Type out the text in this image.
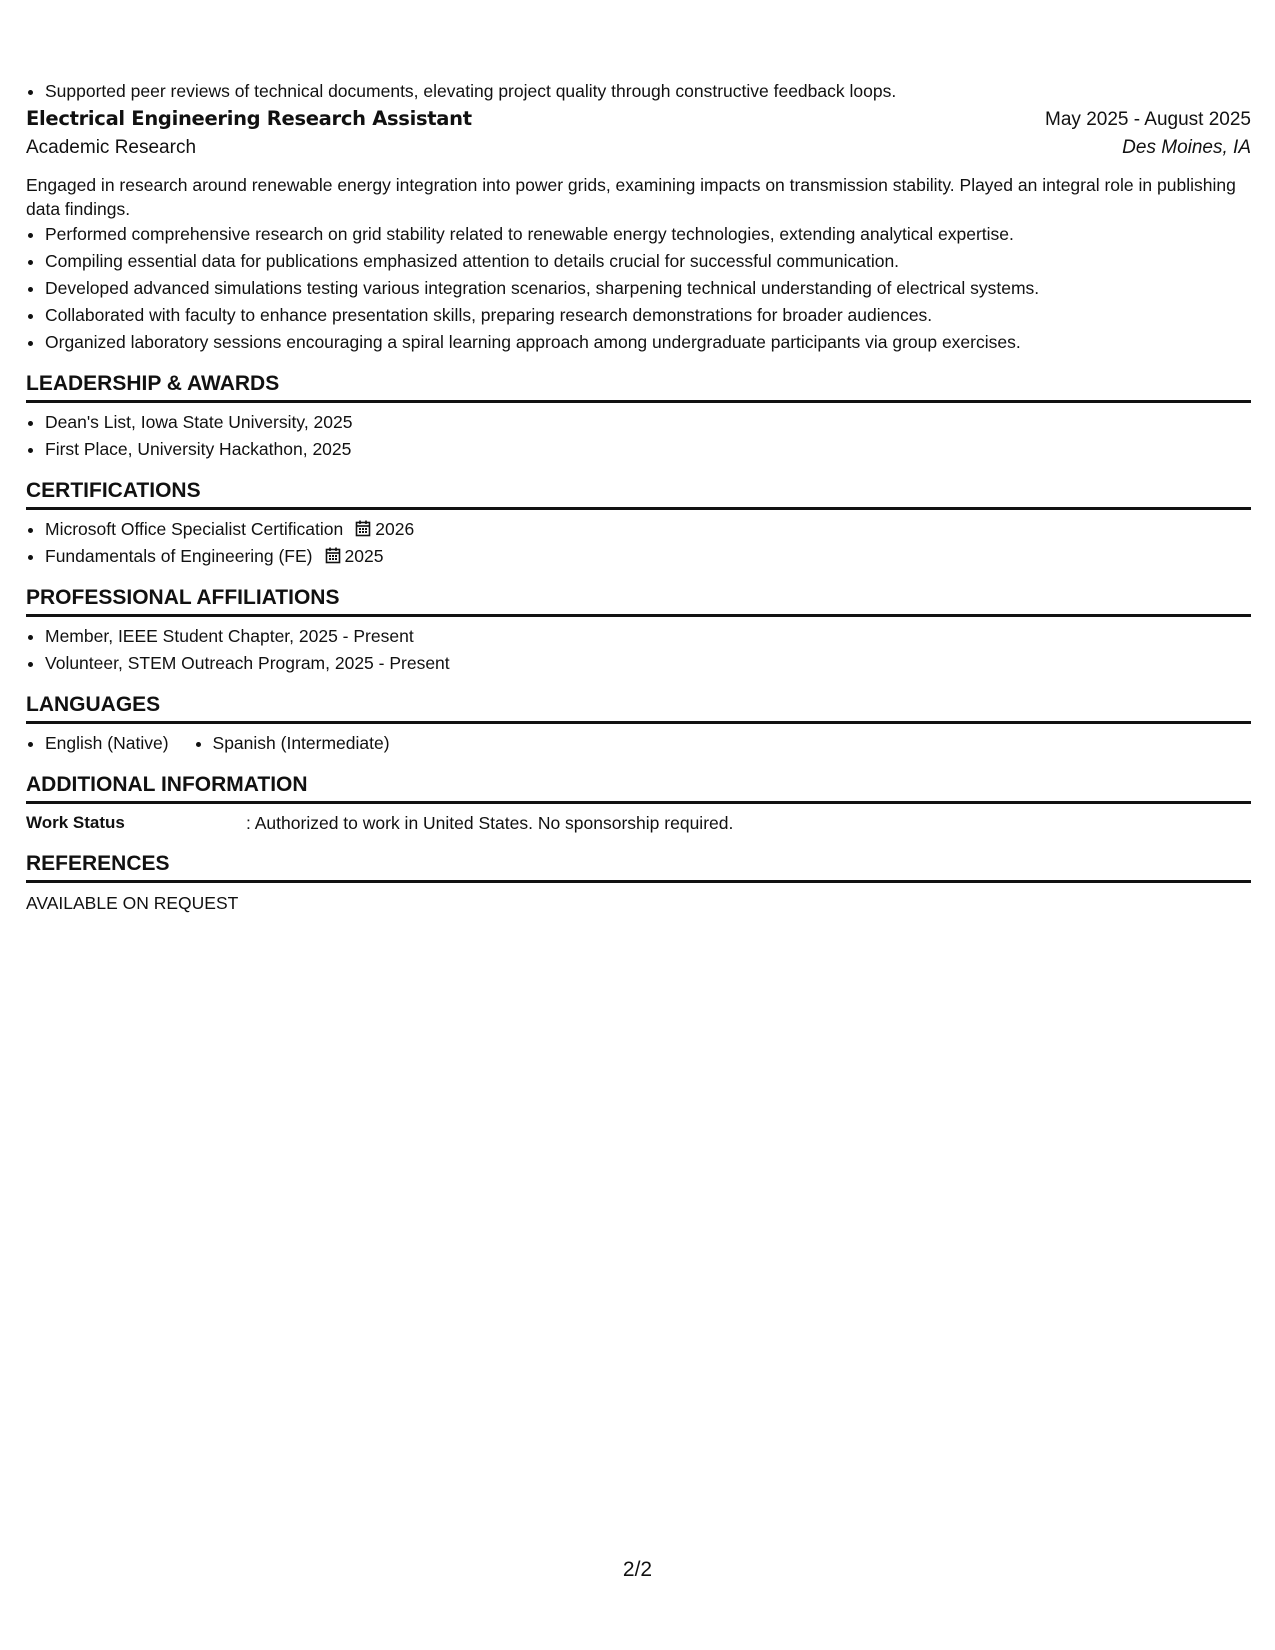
• Supported peer reviews of technical documents, elevating project quality through constructive feedback loops.
Electrical Engineering Research Assistant	May 2025 - August 2025
Academic Research	Des Moines, IA

Engaged in research around renewable energy integration into power grids, examining impacts on transmission stability. Played an integral role in publishing data findings.

• Performed comprehensive research on grid stability related to renewable energy technologies, extending analytical expertise.
• Compiling essential data for publications emphasized attention to details crucial for successful communication.
• Developed advanced simulations testing various integration scenarios, sharpening technical understanding of electrical systems.
• Collaborated with faculty to enhance presentation skills, preparing research demonstrations for broader audiences.
• Organized laboratory sessions encouraging a spiral learning approach among undergraduate participants via group exercises.
LEADERSHIP & AWARDS
• Dean's List, Iowa State University, 2025
• First Place, University Hackathon, 2025
CERTIFICATIONS
• Microsoft Office Specialist Certification 2026
• Fundamentals of Engineering (FE) 2025
PROFESSIONAL AFFILIATIONS
• Member, IEEE Student Chapter, 2025 - Present
• Volunteer, STEM Outreach Program, 2025 - Present
LANGUAGES
• English (Native)
•	Spanish (Intermediate)
ADDITIONAL INFORMATION
Work Status	: Authorized to work in United States. No sponsorship required.
REFERENCES
AVAILABLE ON REQUEST
2/2
